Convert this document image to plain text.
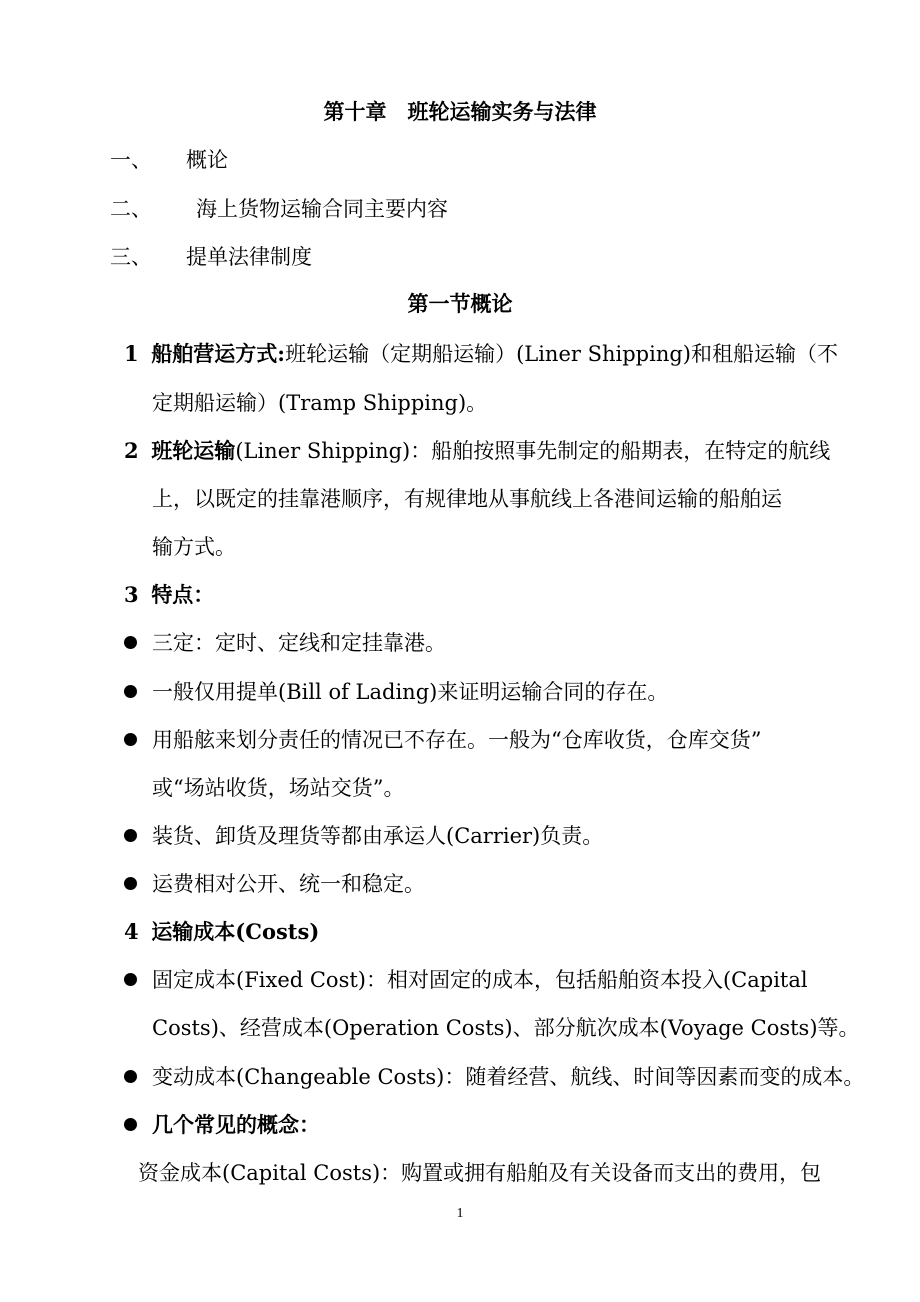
第十章　班轮运输实务与法律
一、 概论
二、 海上货物运输合同主要内容
三、 提单法律制度
第一节概论
1 船舶营运方式:班轮运输（定期船运输）(Liner Shipping)和租船运输（不
定期船运输）(Tramp Shipping)。
2 班轮运输(Liner Shipping)：船舶按照事先制定的船期表，在特定的航线
上，以既定的挂靠港顺序，有规律地从事航线上各港间运输的船舶运
输方式。
3 特点：
三定：定时、定线和定挂靠港。
一般仅用提单(Bill of Lading)来证明运输合同的存在。
用船舷来划分责任的情况已不存在。一般为“仓库收货，仓库交货”
或“场站收货，场站交货”。
装货、卸货及理货等都由承运人(Carrier)负责。
运费相对公开、统一和稳定。
4 运输成本(Costs)
固定成本(Fixed Cost)：相对固定的成本，包括船舶资本投入(Capital
Costs)、经营成本(Operation Costs)、部分航次成本(Voyage Costs)等。
变动成本(Changeable Costs)：随着经营、航线、时间等因素而变的成本。
几个常见的概念：
资金成本(Capital Costs)：购置或拥有船舶及有关设备而支出的费用，包
1
